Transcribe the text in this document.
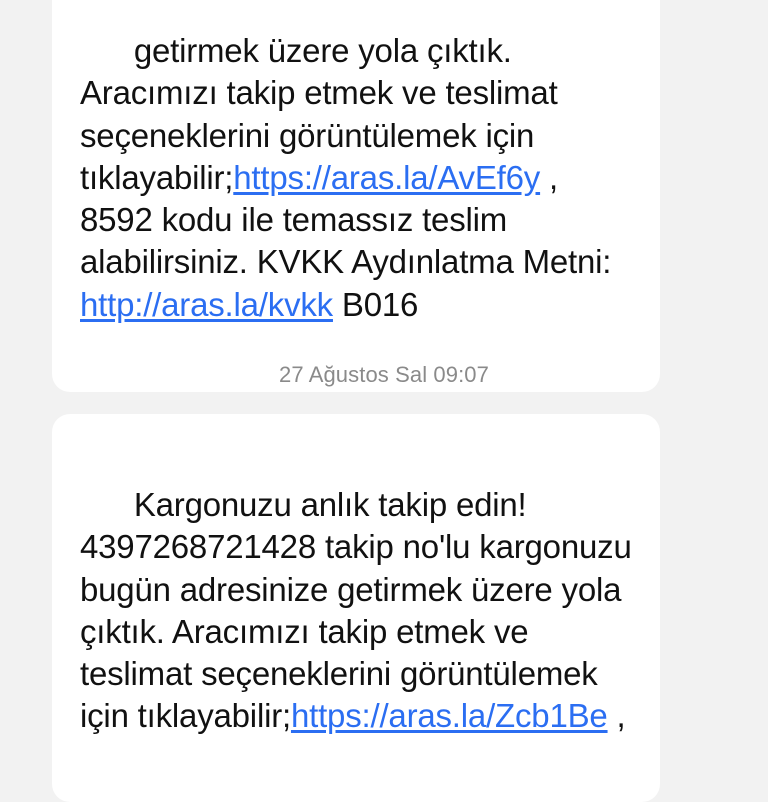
getirmek üzere yola çıktık. Aracımızı takip etmek ve teslimat seçeneklerini görüntülemek için tıklayabilir;https://aras.la/AvEf6y , 8592 kodu ile temassız teslim alabilirsiniz. KVKK Aydınlatma Metni: http://aras.la/kvkk B016

27 Ağustos Sal 09:07

Kargonuzu anlık takip edin! 4397268721428 takip no'lu kargonuzu bugün adresinize getirmek üzere yola çıktık. Aracımızı takip etmek ve teslimat seçeneklerini görüntülemek için tıklayabilir;https://aras.la/Zcb1Be ,
